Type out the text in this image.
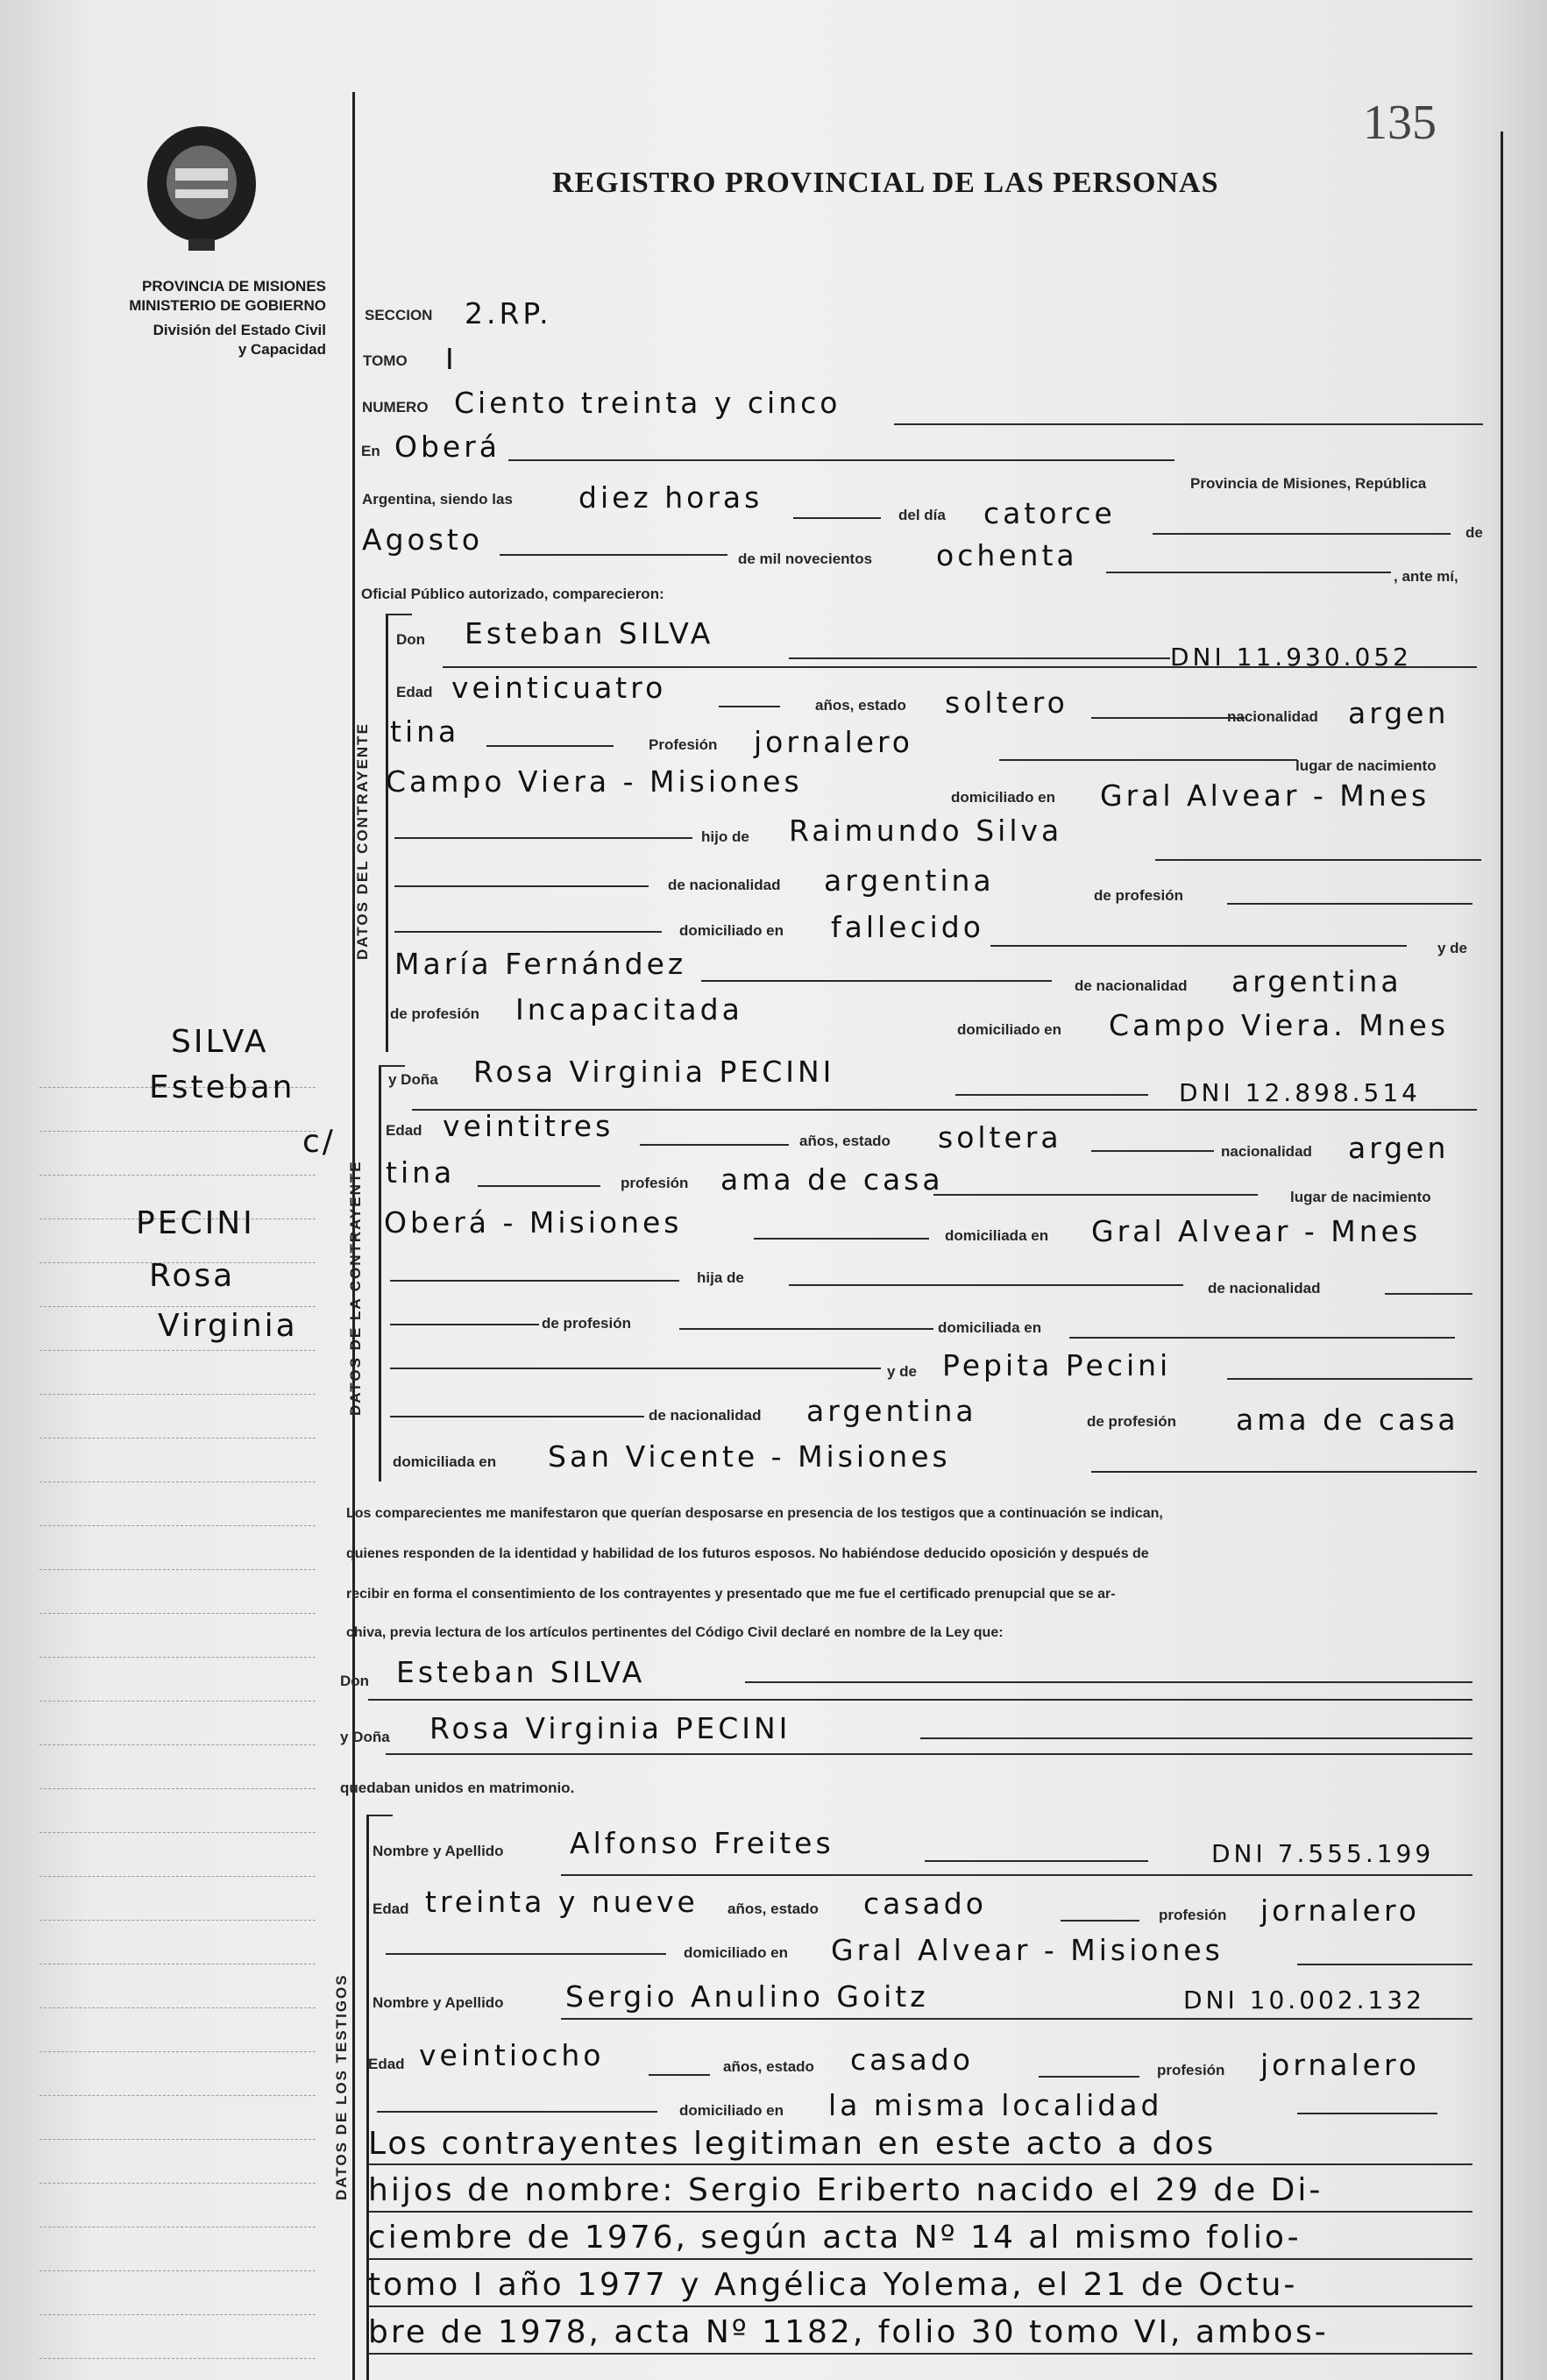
PROVINCIA DE MISIONES
MINISTERIO DE GOBIERNO
División del Estado Civil
y Capacidad
REGISTRO PROVINCIAL DE LAS PERSONAS
135
DATOS DEL CONTRAYENTE
DATOS DE LA CONTRAYENTE
DATOS DE LOS TESTIGOS
SILVA
Esteban
c/
PECINI
Rosa
Virginia
SECCION 2.RP.
TOMO I
NUMERO Ciento treinta y cinco
En Oberá
Provincia de Misiones, República
Argentina, siendo las diez horas
del día catorce
de
Agosto
de mil novecientos ochenta
, ante mí,
Oficial Público autorizado, comparecieron:
Don Esteban SILVA
DNI 11.930.052
Edad veinticuatro
años, estado soltero	nacionalidad argen
tina	Profesión jornalero
lugar de nacimiento
Campo Viera - Misiones	domiciliado en Gral Alvear - Mnes
hijo de Raimundo Silva
de nacionalidad argentina	de profesión
domiciliado en fallecido
y de
María Fernández
de nacionalidad argentina
de profesión Incapacitada
domiciliado en Campo Viera. Mnes
y Doña Rosa Virginia PECINI
DNI 12.898.514
Edad veintitres	años, estado soltera	nacionalidad argen
tina	profesión ama de casa
lugar de nacimiento
Oberá - Misiones	domiciliada en Gral Alvear - Mnes
hija de
de nacionalidad
de profesión	domiciliada en
y de Pepita Pecini
de nacionalidad argentina	de profesión ama de casa
domiciliada en San Vicente - Misiones
Los comparecientes me manifestaron que querían desposarse en presencia de los testigos que a continuación se indican,
quienes responden de la identidad y habilidad de los futuros esposos. No habiéndose deducido oposición y después de
recibir en forma el consentimiento de los contrayentes y presentado que me fue el certificado prenupcial que se ar-
chiva, previa lectura de los artículos pertinentes del Código Civil declaré en nombre de la Ley que:
Don Esteban SILVA
y Doña Rosa Virginia PECINI
quedaban unidos en matrimonio.
Nombre y Apellido Alfonso Freites	DNI 7.555.199
Edad treinta y nueve años, estado casado	profesión jornalero
domiciliado en Gral Alvear - Misiones
Nombre y Apellido Sergio Anulino Goitz	DNI 10.002.132
Edad veintiocho	años, estado casado	profesión jornalero
domiciliado en la misma localidad
Los contrayentes legitiman en este acto a dos
hijos de nombre: Sergio Eriberto nacido el 29 de Di-
ciembre de 1976, según acta Nº 14 al mismo folio-
tomo I año 1977 y Angélica Yolema, el 21 de Octu-
bre de 1978, acta Nº 1182, folio 30 tomo VI, ambos-
